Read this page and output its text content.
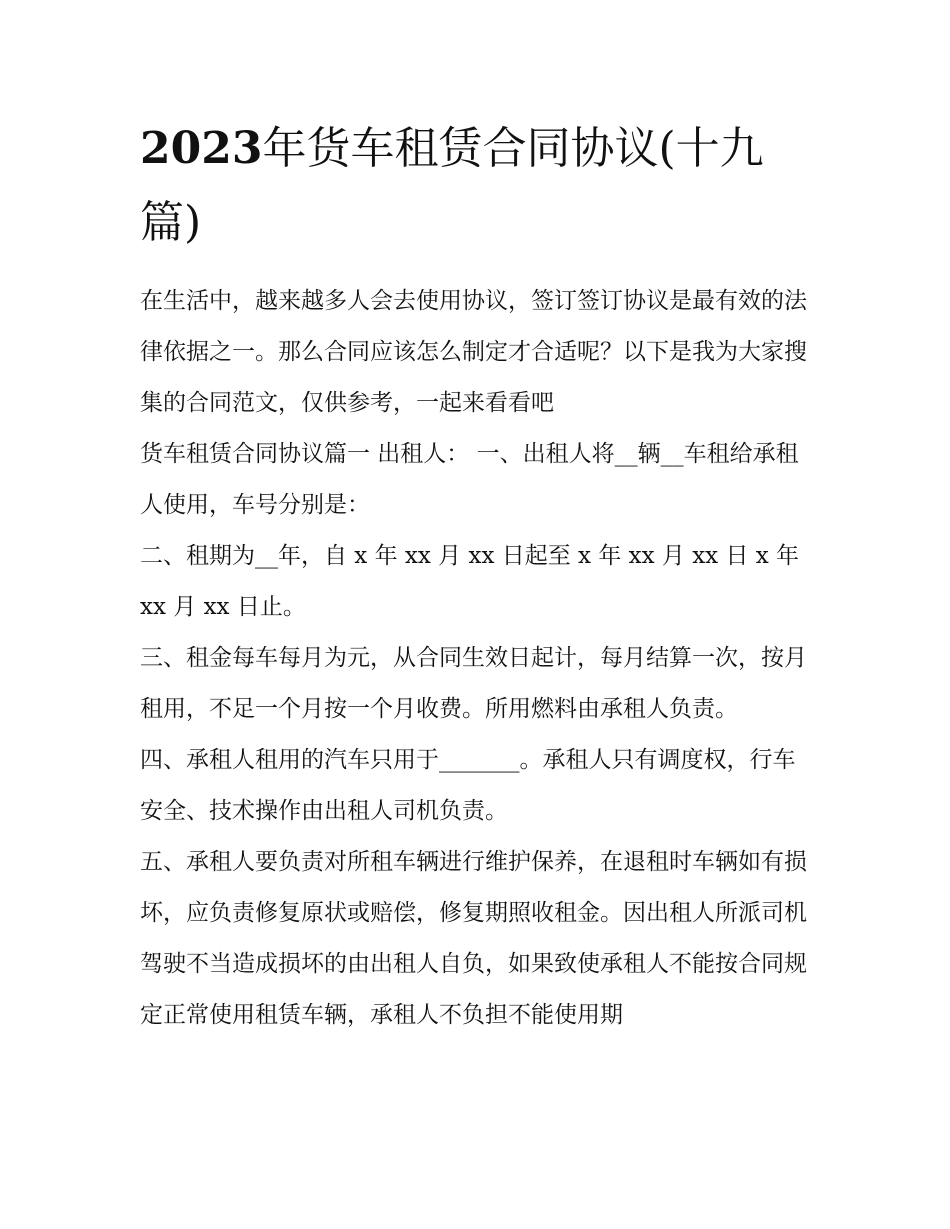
2023年货车租赁合同协议(十九篇)

在生活中，越来越多人会去使用协议，签订签订协议是最有效的法律依据之一。那么合同应该怎么制定才合适呢？以下是我为大家搜集的合同范文，仅供参考，一起来看看吧

货车租赁合同协议篇一 出租人： 一、出租人将__辆__车租给承租人使用，车号分别是：

二、租期为__年，自 x 年 xx 月 xx 日起至 x 年 xx 月 xx 日 x 年 xx 月 xx 日止。

三、租金每车每月为元，从合同生效日起计，每月结算一次，按月租用，不足一个月按一个月收费。所用燃料由承租人负责。

四、承租人租用的汽车只用于_______。承租人只有调度权，行车安全、技术操作由出租人司机负责。

五、承租人要负责对所租车辆进行维护保养，在退租时车辆如有损坏，应负责修复原状或赔偿，修复期照收租金。因出租人所派司机驾驶不当造成损坏的由出租人自负，如果致使承租人不能按合同规定正常使用租赁车辆，承租人不负担不能使用期
